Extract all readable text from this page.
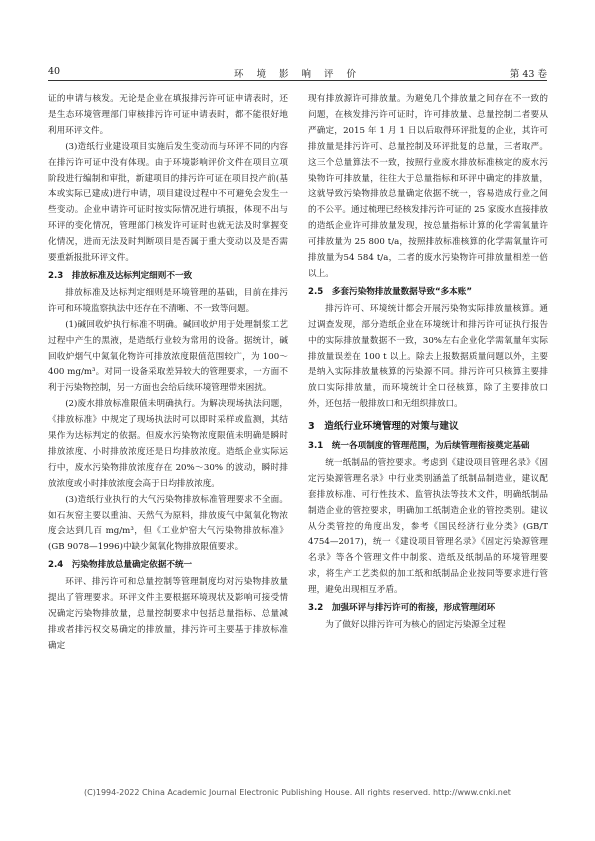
40	环 境 影 响 评 价	第 43 卷

证的申请与核发。无论是企业在填报排污许可证申请表时，还是生态环境管理部门审核排污许可证申请表时，都不能很好地利用环评文件。

(3)造纸行业建设项目实施后发生变动而与环评不同的内容在排污许可证中没有体现。由于环境影响评价文件在项目立项阶段进行编制和审批，新建项目的排污许可证在项目投产前(基本或实际已建成)进行申请，项目建设过程中不可避免会发生一些变动。企业申请许可证时按实际情况进行填报，体现不出与环评的变化情况，管理部门核发许可证时也就无法及时掌握变化情况，进而无法及时判断项目是否属于重大变动以及是否需要重新报批环评文件。

2.3　排放标准及达标判定细则不一致

排放标准及达标判定细则是环境管理的基础，目前在排污许可和环境监察执法中还存在不清晰、不一致等问题。

(1)碱回收炉执行标准不明确。碱回收炉用于处理制浆工艺过程中产生的黑液，是造纸行业较为常用的设备。据统计，碱回收炉烟气中氮氧化物许可排放浓度限值范围较广，为 100～400 mg/m³。对同一设备采取差异较大的管理要求，一方面不利于污染物控制，另一方面也会给后续环境管理带来困扰。

(2)废水排放标准限值未明确执行。为解决现场执法问题，《排放标准》中规定了现场执法时可以即时采样或监测，其结果作为达标判定的依据。但废水污染物浓度限值未明确是瞬时排放浓度、小时排放浓度还是日均排放浓度。造纸企业实际运行中，废水污染物排放浓度存在 20%～30% 的波动，瞬时排放浓度或小时排放浓度会高于日均排放浓度。

(3)造纸行业执行的大气污染物排放标准管理要求不全面。如石灰窑主要以重油、天然气为原料，排放废气中氮氧化物浓度会达到几百 mg/m³，但《工业炉窑大气污染物排放标准》(GB 9078—1996)中缺少氮氧化物排放限值要求。

2.4　污染物排放总量确定依据不统一

环评、排污许可和总量控制等管理制度均对污染物排放量提出了管理要求。环评文件主要根据环境现状及影响可接受情况确定污染物排放量，总量控制要求中包括总量指标、总量减排或者排污权交易确定的排放量，排污许可主要基于排放标准确定

现有排放源许可排放量。为避免几个排放量之间存在不一致的问题，在核发排污许可证时，许可排放量、总量控制二者要从严确定，2015 年 1 月 1 日以后取得环评批复的企业，其许可排放量是排污许可、总量控制及环评批复的总量，三者取严。这三个总量算法不一致，按照行业废水排放标准核定的废水污染物许可排放量，往往大于总量指标和环评中确定的排放量，这就导致污染物排放总量确定依据不统一，容易造成行业之间的不公平。通过梳理已经核发排污许可证的 25 家废水直接排放的造纸企业许可排放量发现，按总量指标计算的化学需氧量许可排放量为 25 800 t/a，按照排放标准核算的化学需氧量许可排放量为54 584 t/a，二者的废水污染物许可排放量相差一倍以上。

2.5　多套污染物排放量数据导致“多本账”

排污许可、环境统计都会开展污染物实际排放量核算。通过调查发现，部分造纸企业在环境统计和排污许可证执行报告中的实际排放量数据不一致，30%左右企业化学需氧量年实际排放量误差在 100 t 以上。除去上报数据质量问题以外，主要是纳入实际排放量核算的污染源不同。排污许可只核算主要排放口实际排放量，而环境统计全口径核算，除了主要排放口外，还包括一般排放口和无组织排放口。

3　造纸行业环境管理的对策与建议
3.1　统一各项制度的管理范围，为后续管理衔接奠定基础

统一纸制品的管控要求。考虑到《建设项目管理名录》《固定污染源管理名录》中行业类别涵盖了纸制品制造业，建议配套排放标准、可行性技术、监管执法等技术文件，明确纸制品制造企业的管控要求，明确加工纸制造企业的管控类别。建议从分类管控的角度出发，参考《国民经济行业分类》(GB/T 4754—2017)，统一《建设项目管理名录》《固定污染源管理名录》等各个管理文件中制浆、造纸及纸制品的环境管理要求，将生产工艺类似的加工纸和纸制品企业按同等要求进行管理，避免出现相互矛盾。

3.2　加强环评与排污许可的衔接，形成管理闭环

为了做好以排污许可为核心的固定污染源全过程

(C)1994-2022 China Academic Journal Electronic Publishing House. All rights reserved. http://www.cnki.net
